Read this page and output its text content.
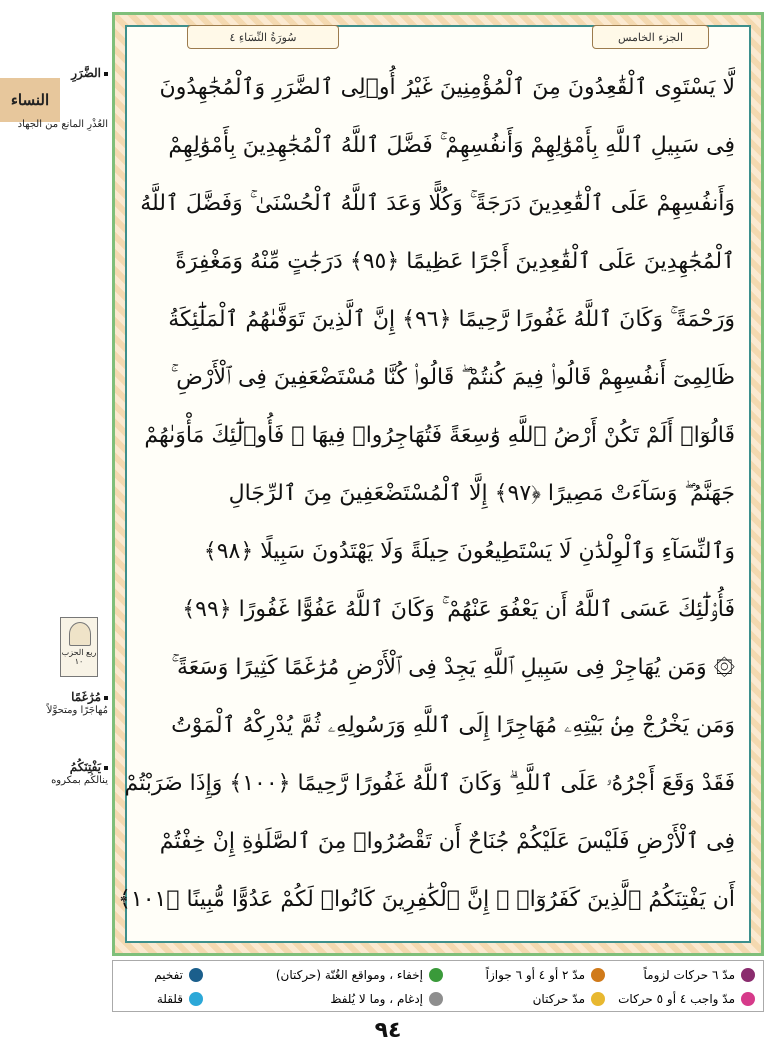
النساء
الضَّرَرِ
العُذْرِ المانع من الجهاد
ربع الحزب ١٠
مُرَٰغَمًا
مُهاجَرًا ومتحوَّلاً
يَفْتِنَكُمُ
ينالكُم بمكروه
سُورَةُ النِّسَاءِ ٤	الجزء الخامس
لَّا يَسْتَوِى ٱلْقَٰعِدُونَ مِنَ ٱلْمُؤْمِنِينَ غَيْرُ أُو۟لِى ٱلضَّرَرِ وَٱلْمُجَٰهِدُونَ
فِى سَبِيلِ ٱللَّهِ بِأَمْوَٰلِهِمْ وَأَنفُسِهِمْ ۚ فَضَّلَ ٱللَّهُ ٱلْمُجَٰهِدِينَ بِأَمْوَٰلِهِمْ
وَأَنفُسِهِمْ عَلَى ٱلْقَٰعِدِينَ دَرَجَةً ۚ وَكُلًّا وَعَدَ ٱللَّهُ ٱلْحُسْنَىٰ ۚ وَفَضَّلَ ٱللَّهُ
ٱلْمُجَٰهِدِينَ عَلَى ٱلْقَٰعِدِينَ أَجْرًا عَظِيمًا ﴿٩٥﴾ دَرَجَٰتٍ مِّنْهُ وَمَغْفِرَةً
وَرَحْمَةً ۚ وَكَانَ ٱللَّهُ غَفُورًا رَّحِيمًا ﴿٩٦﴾ إِنَّ ٱلَّذِينَ تَوَفَّىٰهُمُ ٱلْمَلَٰٓئِكَةُ
ظَالِمِىٓ أَنفُسِهِمْ قَالُوا۟ فِيمَ كُنتُمْ ۖ قَالُوا۟ كُنَّا مُسْتَضْعَفِينَ فِى ٱلْأَرْضِ ۚ
قَالُوٓا۟ أَلَمْ تَكُنْ أَرْضُ ٱللَّهِ وَٰسِعَةً فَتُهَاجِرُوا۟ فِيهَا ۚ فَأُو۟لَٰٓئِكَ مَأْوَىٰهُمْ
جَهَنَّمُ ۖ وَسَآءَتْ مَصِيرًا ﴿٩٧﴾ إِلَّا ٱلْمُسْتَضْعَفِينَ مِنَ ٱلرِّجَالِ
وَٱلنِّسَآءِ وَٱلْوِلْدَٰنِ لَا يَسْتَطِيعُونَ حِيلَةً وَلَا يَهْتَدُونَ سَبِيلًا ﴿٩٨﴾
فَأُو۟لَٰٓئِكَ عَسَى ٱللَّهُ أَن يَعْفُوَ عَنْهُمْ ۚ وَكَانَ ٱللَّهُ عَفُوًّا غَفُورًا ﴿٩٩﴾
۞ وَمَن يُهَاجِرْ فِى سَبِيلِ ٱللَّهِ يَجِدْ فِى ٱلْأَرْضِ مُرَٰغَمًا كَثِيرًا وَسَعَةً ۚ
وَمَن يَخْرُجْ مِنۢ بَيْتِهِۦ مُهَاجِرًا إِلَى ٱللَّهِ وَرَسُولِهِۦ ثُمَّ يُدْرِكْهُ ٱلْمَوْتُ
فَقَدْ وَقَعَ أَجْرُهُۥ عَلَى ٱللَّهِ ۗ وَكَانَ ٱللَّهُ غَفُورًا رَّحِيمًا ﴿١٠٠﴾ وَإِذَا ضَرَبْتُمْ
فِى ٱلْأَرْضِ فَلَيْسَ عَلَيْكُمْ جُنَاحٌ أَن تَقْصُرُوا۟ مِنَ ٱلصَّلَوٰةِ إِنْ خِفْتُمْ
أَن يَفْتِنَكُمُ ٱلَّذِينَ كَفَرُوٓا۟ ۚ إِنَّ ٱلْكَٰفِرِينَ كَانُوا۟ لَكُمْ عَدُوًّا مُّبِينًا ﴿١٠١﴾
مدّ ٦ حركات لزوماً
مدّ واجب ٤ أو ٥ حركات
مدّ ٢ أو ٤ أو ٦ جوازاً
مدّ حركتان
إخفاء ، ومواقع الغُنّة (حركتان)
إدغام ، وما لا يُلفظ
تفخيم
قلقلة
٩٤
